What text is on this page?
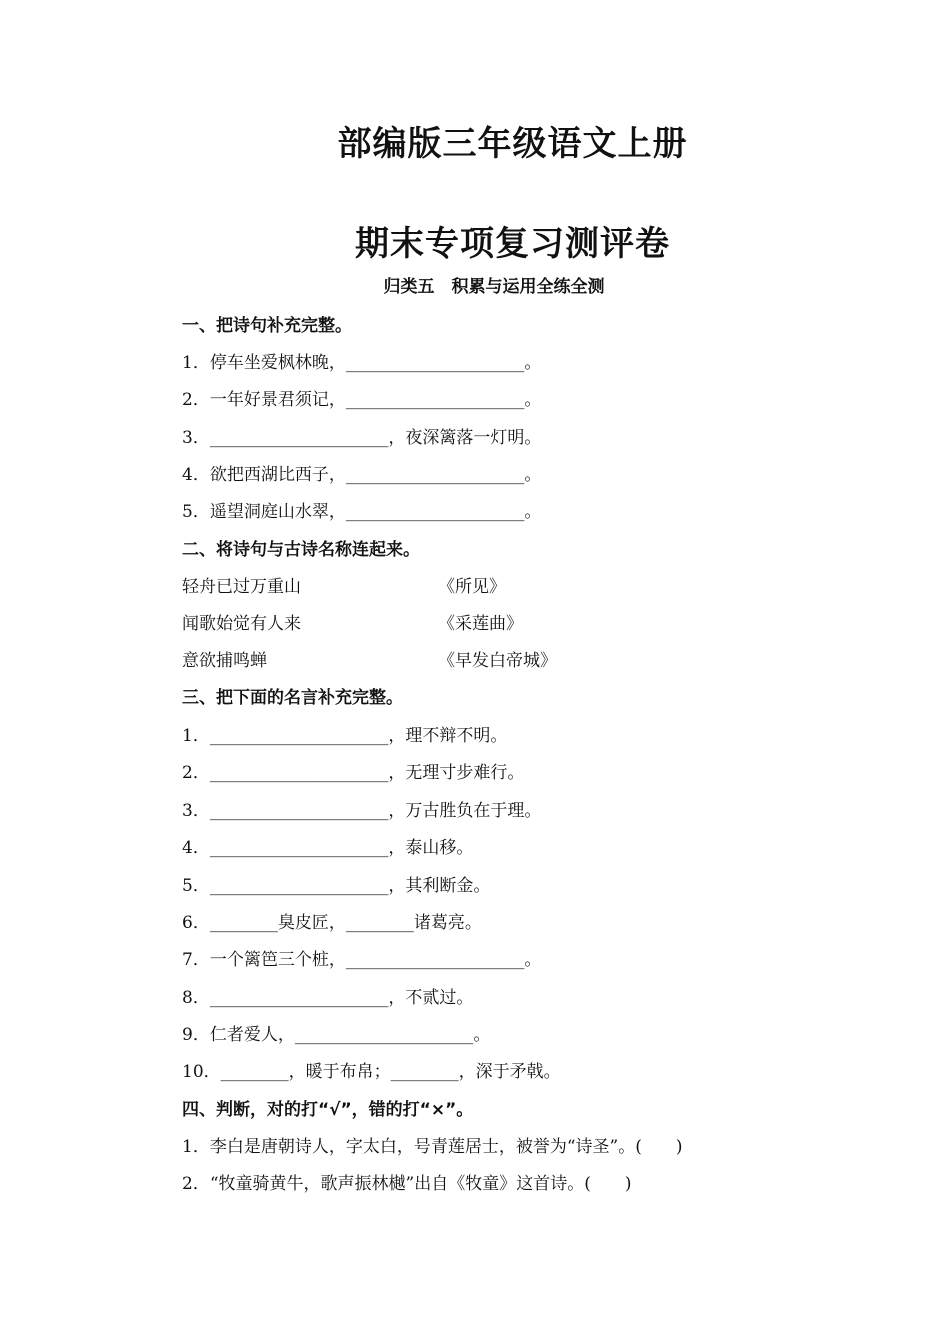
部编版三年级语文上册
期末专项复习测评卷
归类五　积累与运用全练全测
一、把诗句补充完整。
1．停车坐爱枫林晚，_____________________。
2．一年好景君须记，_____________________。
3．_____________________，夜深篱落一灯明。
4．欲把西湖比西子，_____________________。
5．遥望洞庭山水翠，_____________________。
二、将诗句与古诗名称连起来。
轻舟已过万重山	《所见》
闻歌始觉有人来	《采莲曲》
意欲捕鸣蝉	《早发白帝城》
三、把下面的名言补充完整。
1．_____________________，理不辩不明。
2．_____________________，无理寸步难行。
3．_____________________，万古胜负在于理。
4．_____________________，泰山移。
5．_____________________，其利断金。
6．________臭皮匠，________诸葛亮。
7．一个篱笆三个桩，_____________________。
8．_____________________，不贰过。
9．仁者爱人，_____________________。
10．________，暖于布帛；________，深于矛戟。
四、判断，对的打“√”，错的打“×”。
1．李白是唐朝诗人，字太白，号青莲居士，被誉为“诗圣”。(　　)
2．“牧童骑黄牛，歌声振林樾”出自《牧童》这首诗。(　　)
